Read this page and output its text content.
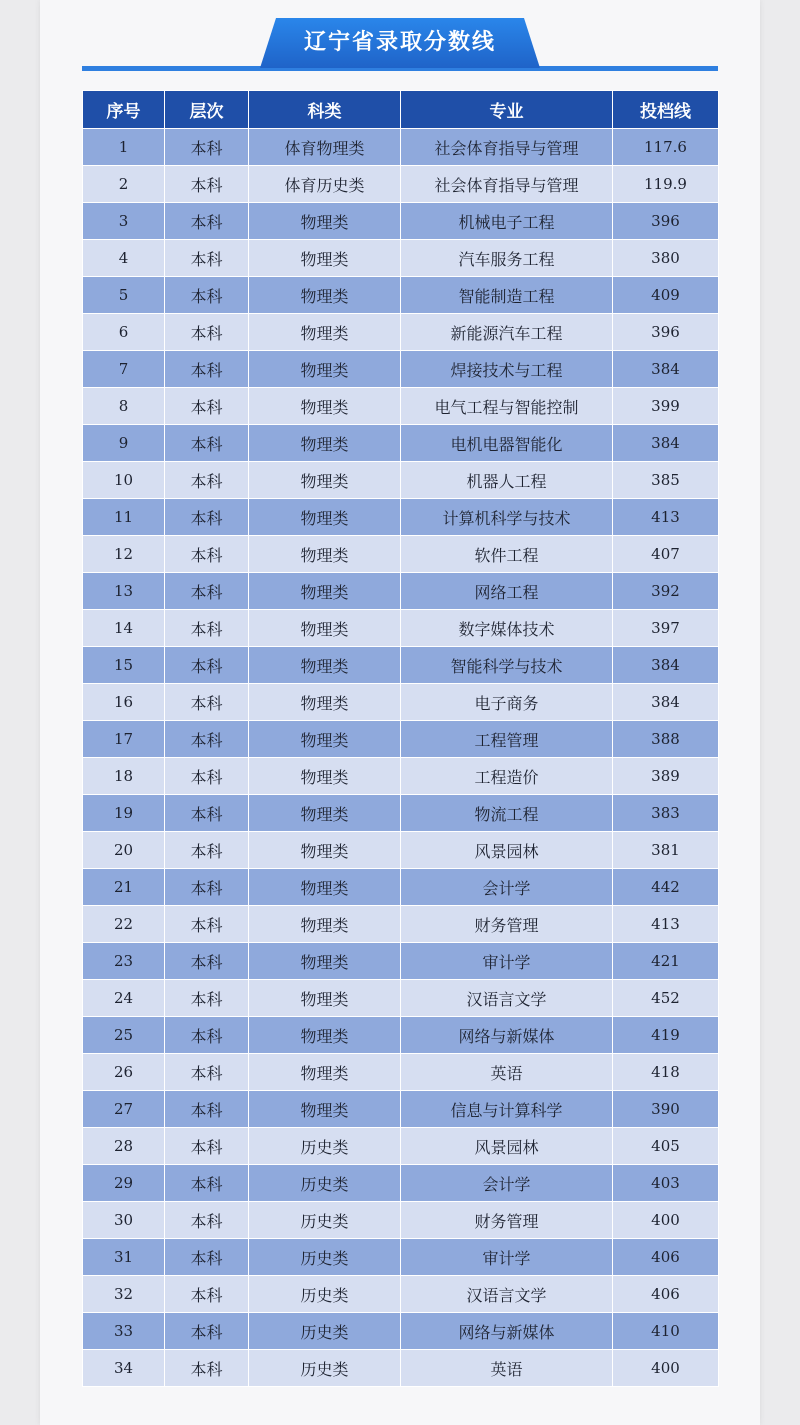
辽宁省录取分数线
序号	层次	科类	专业	投档线
1	本科	体育物理类	社会体育指导与管理	117.6
2	本科	体育历史类	社会体育指导与管理	119.9
3	本科	物理类	机械电子工程	396
4	本科	物理类	汽车服务工程	380
5	本科	物理类	智能制造工程	409
6	本科	物理类	新能源汽车工程	396
7	本科	物理类	焊接技术与工程	384
8	本科	物理类	电气工程与智能控制	399
9	本科	物理类	电机电器智能化	384
10	本科	物理类	机器人工程	385
11	本科	物理类	计算机科学与技术	413
12	本科	物理类	软件工程	407
13	本科	物理类	网络工程	392
14	本科	物理类	数字媒体技术	397
15	本科	物理类	智能科学与技术	384
16	本科	物理类	电子商务	384
17	本科	物理类	工程管理	388
18	本科	物理类	工程造价	389
19	本科	物理类	物流工程	383
20	本科	物理类	风景园林	381
21	本科	物理类	会计学	442
22	本科	物理类	财务管理	413
23	本科	物理类	审计学	421
24	本科	物理类	汉语言文学	452
25	本科	物理类	网络与新媒体	419
26	本科	物理类	英语	418
27	本科	物理类	信息与计算科学	390
28	本科	历史类	风景园林	405
29	本科	历史类	会计学	403
30	本科	历史类	财务管理	400
31	本科	历史类	审计学	406
32	本科	历史类	汉语言文学	406
33	本科	历史类	网络与新媒体	410
34	本科	历史类	英语	400
